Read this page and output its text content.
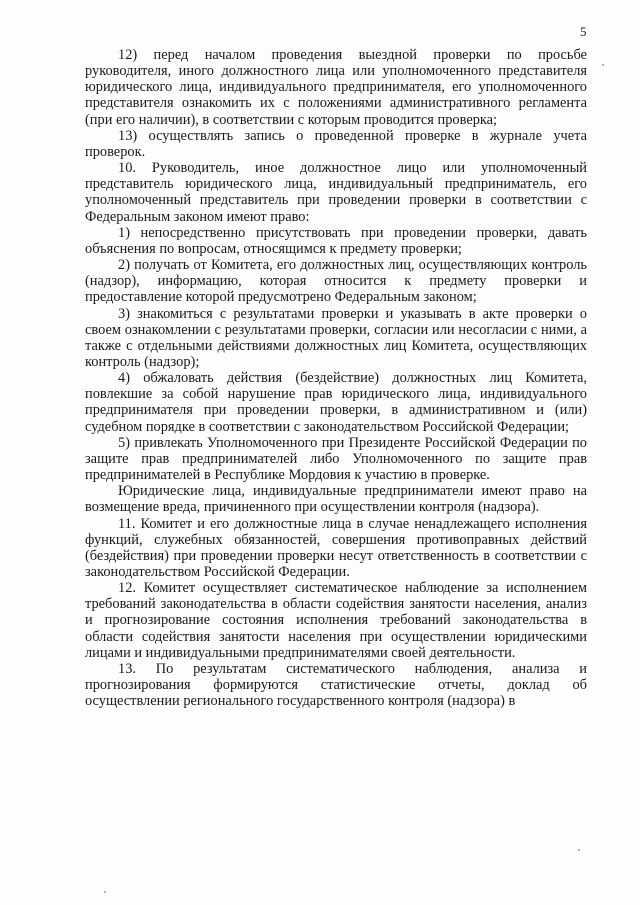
5

12) перед началом проведения выездной проверки по просьбе руководителя, иного должностного лица или уполномоченного представителя юридического лица, индивидуального предпринимателя, его уполномоченного представителя ознакомить их с положениями административного регламента (при его наличии), в соответствии с которым проводится проверка;

13) осуществлять запись о проведенной проверке в журнале учета проверок.

10. Руководитель, иное должностное лицо или уполномоченный представитель юридического лица, индивидуальный предприниматель, его уполномоченный представитель при проведении проверки в соответствии с Федеральным законом имеют право:

1) непосредственно присутствовать при проведении проверки, давать объяснения по вопросам, относящимся к предмету проверки;

2) получать от Комитета, его должностных лиц, осуществляющих контроль (надзор), информацию, которая относится к предмету проверки и предоставление которой предусмотрено Федеральным законом;

3) знакомиться с результатами проверки и указывать в акте проверки о своем ознакомлении с результатами проверки, согласии или несогласии с ними, а также с отдельными действиями должностных лиц Комитета, осуществляющих контроль (надзор);

4) обжаловать действия (бездействие) должностных лиц Комитета, повлекшие за собой нарушение прав юридического лица, индивидуального предпринимателя при проведении проверки, в административном и (или) судебном порядке в соответствии с законодательством Российской Федерации;

5) привлекать Уполномоченного при Президенте Российской Федерации по защите прав предпринимателей либо Уполномоченного по защите прав предпринимателей в Республике Мордовия к участию в проверке.

Юридические лица, индивидуальные предприниматели имеют право на возмещение вреда, причиненного при осуществлении контроля (надзора).

11. Комитет и его должностные лица в случае ненадлежащего исполнения функций, служебных обязанностей, совершения противоправных действий (бездействия) при проведении проверки несут ответственность в соответствии с законодательством Российской Федерации.

12. Комитет осуществляет систематическое наблюдение за исполнением требований законодательства в области содействия занятости населения, анализ и прогнозирование состояния исполнения требований законодательства в области содействия занятости населения при осуществлении юридическими лицами и индивидуальными предпринимателями своей деятельности.

13. По результатам систематического наблюдения, анализа и прогнозирования формируются статистические отчеты, доклад об осуществлении регионального государственного контроля (надзора) в
